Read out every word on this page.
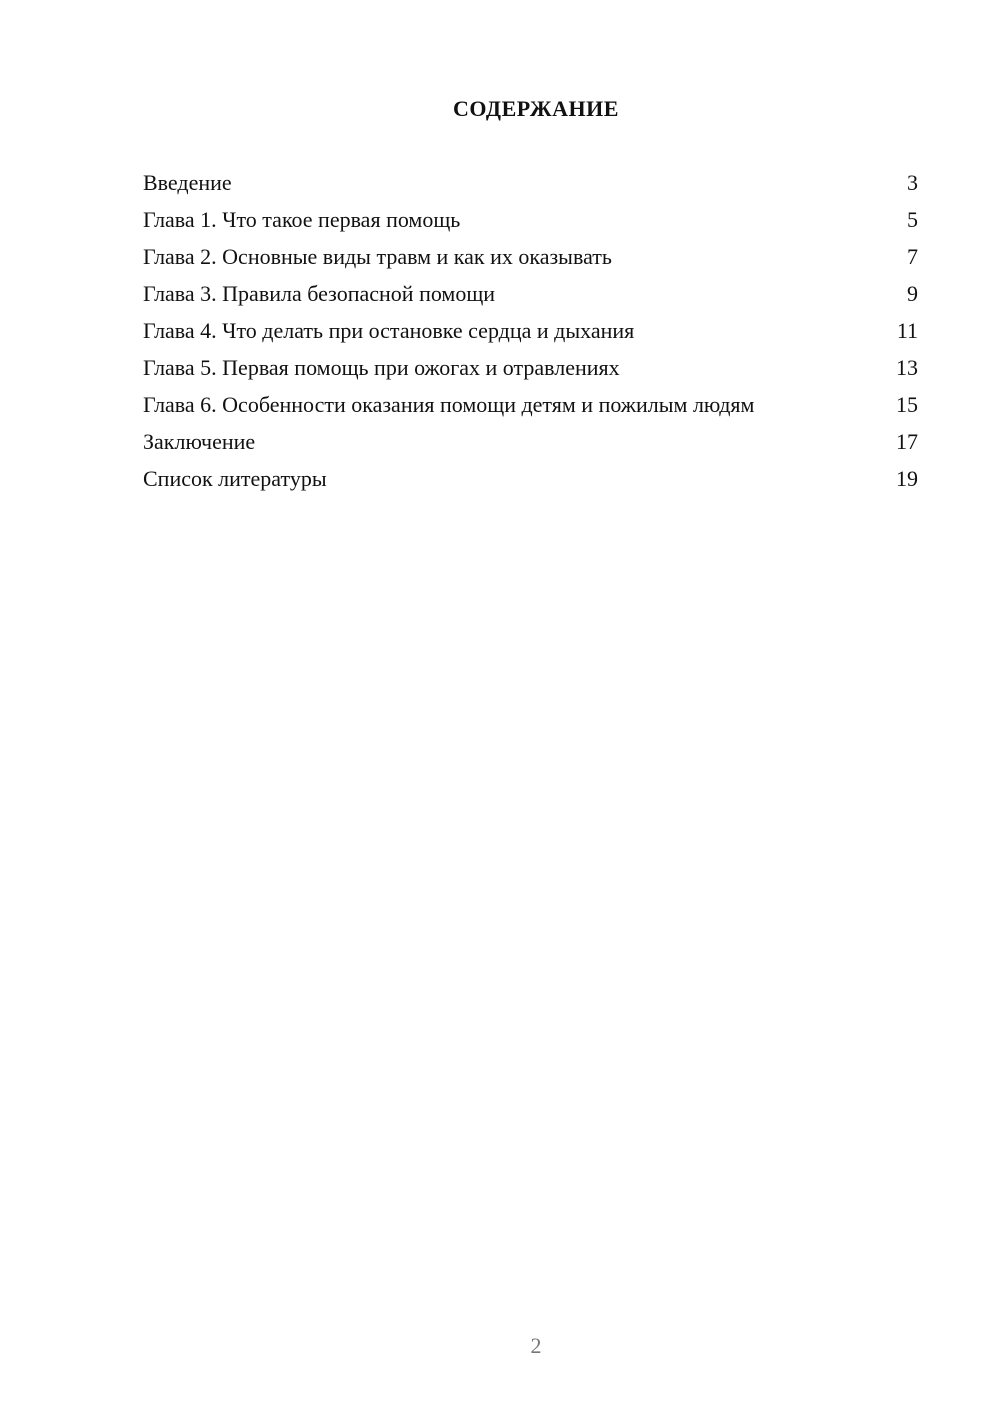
СОДЕРЖАНИЕ
Введение	3
Глава 1. Что такое первая помощь	5
Глава 2. Основные виды травм и как их оказывать	7
Глава 3. Правила безопасной помощи	9
Глава 4. Что делать при остановке сердца и дыхания	11
Глава 5. Первая помощь при ожогах и отравлениях	13
Глава 6. Особенности оказания помощи детям и пожилым людям	15
Заключение	17
Список литературы	19
2
